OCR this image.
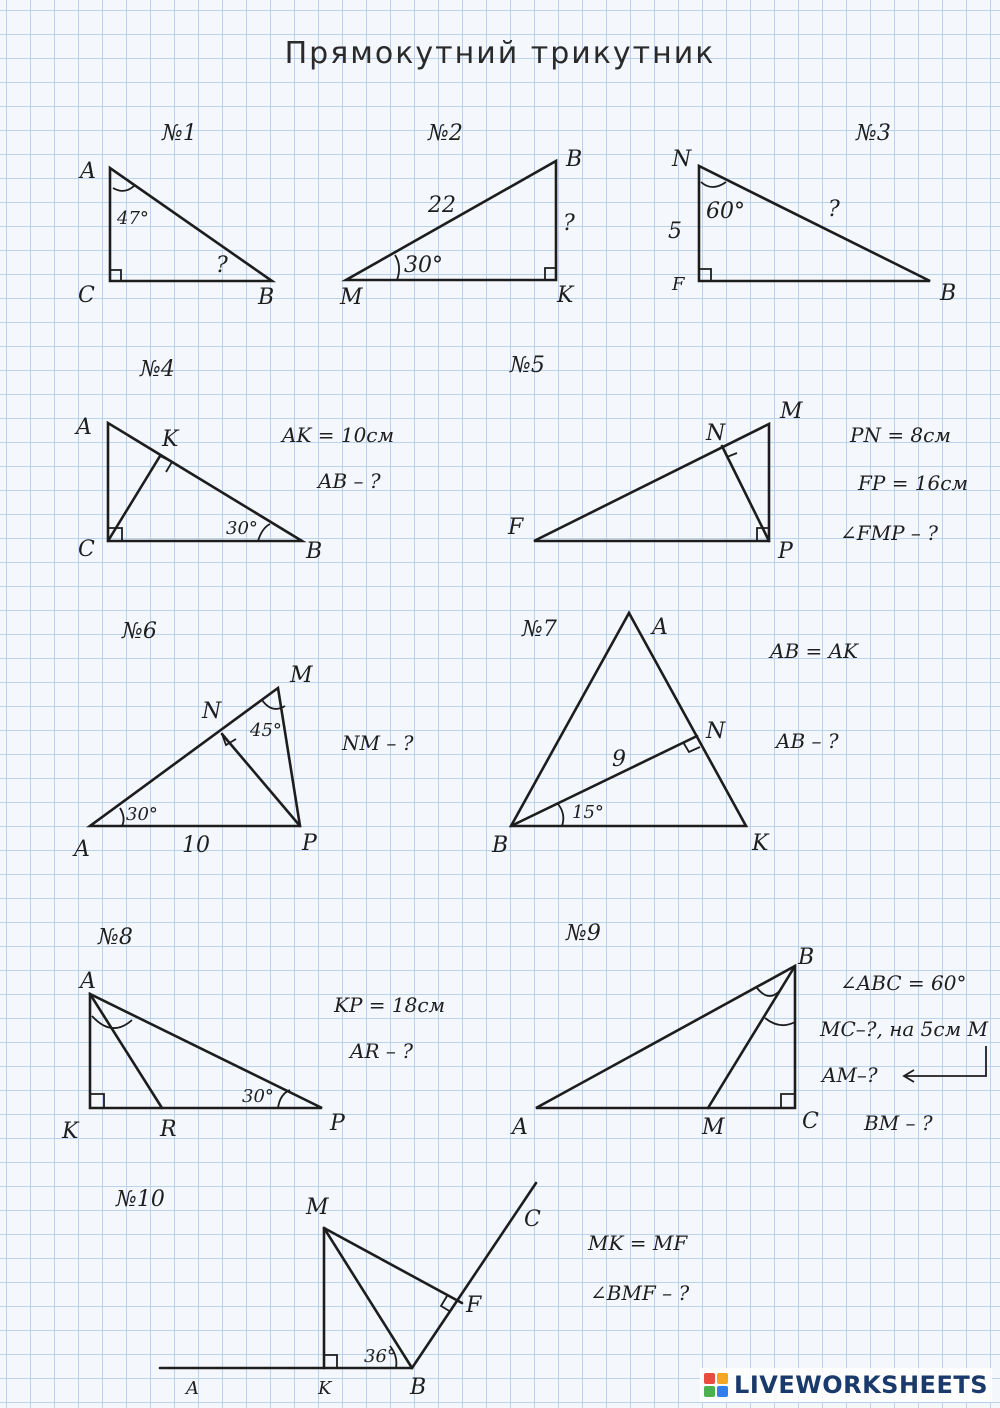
Прямокутний трикутник
№1
A
C	B
47°
?
№2
B
M	K
22
30°
?
№3
N
F	B
5
60°	?
№4
A	K
C	B
30°
AK = 10см
AB – ?
№5
N
M
F
P
PN = 8см
FP = 16см
∠FMP – ?
№6
M
N
A	P
45°
30°
10
NM – ?
№7	A
N
B	K
9
15°
AB = AK
AB – ?
№8
A
K	R	P
30°
KP = 18см
AR – ?
№9
B
A	M	C
∠ABC = 60°
MC–?, на 5см M
AM–?
BM – ?
№10	M	C
F
A	K	B
36°
MK = MF
∠BMF – ?
LIVEWORKSHEETS
